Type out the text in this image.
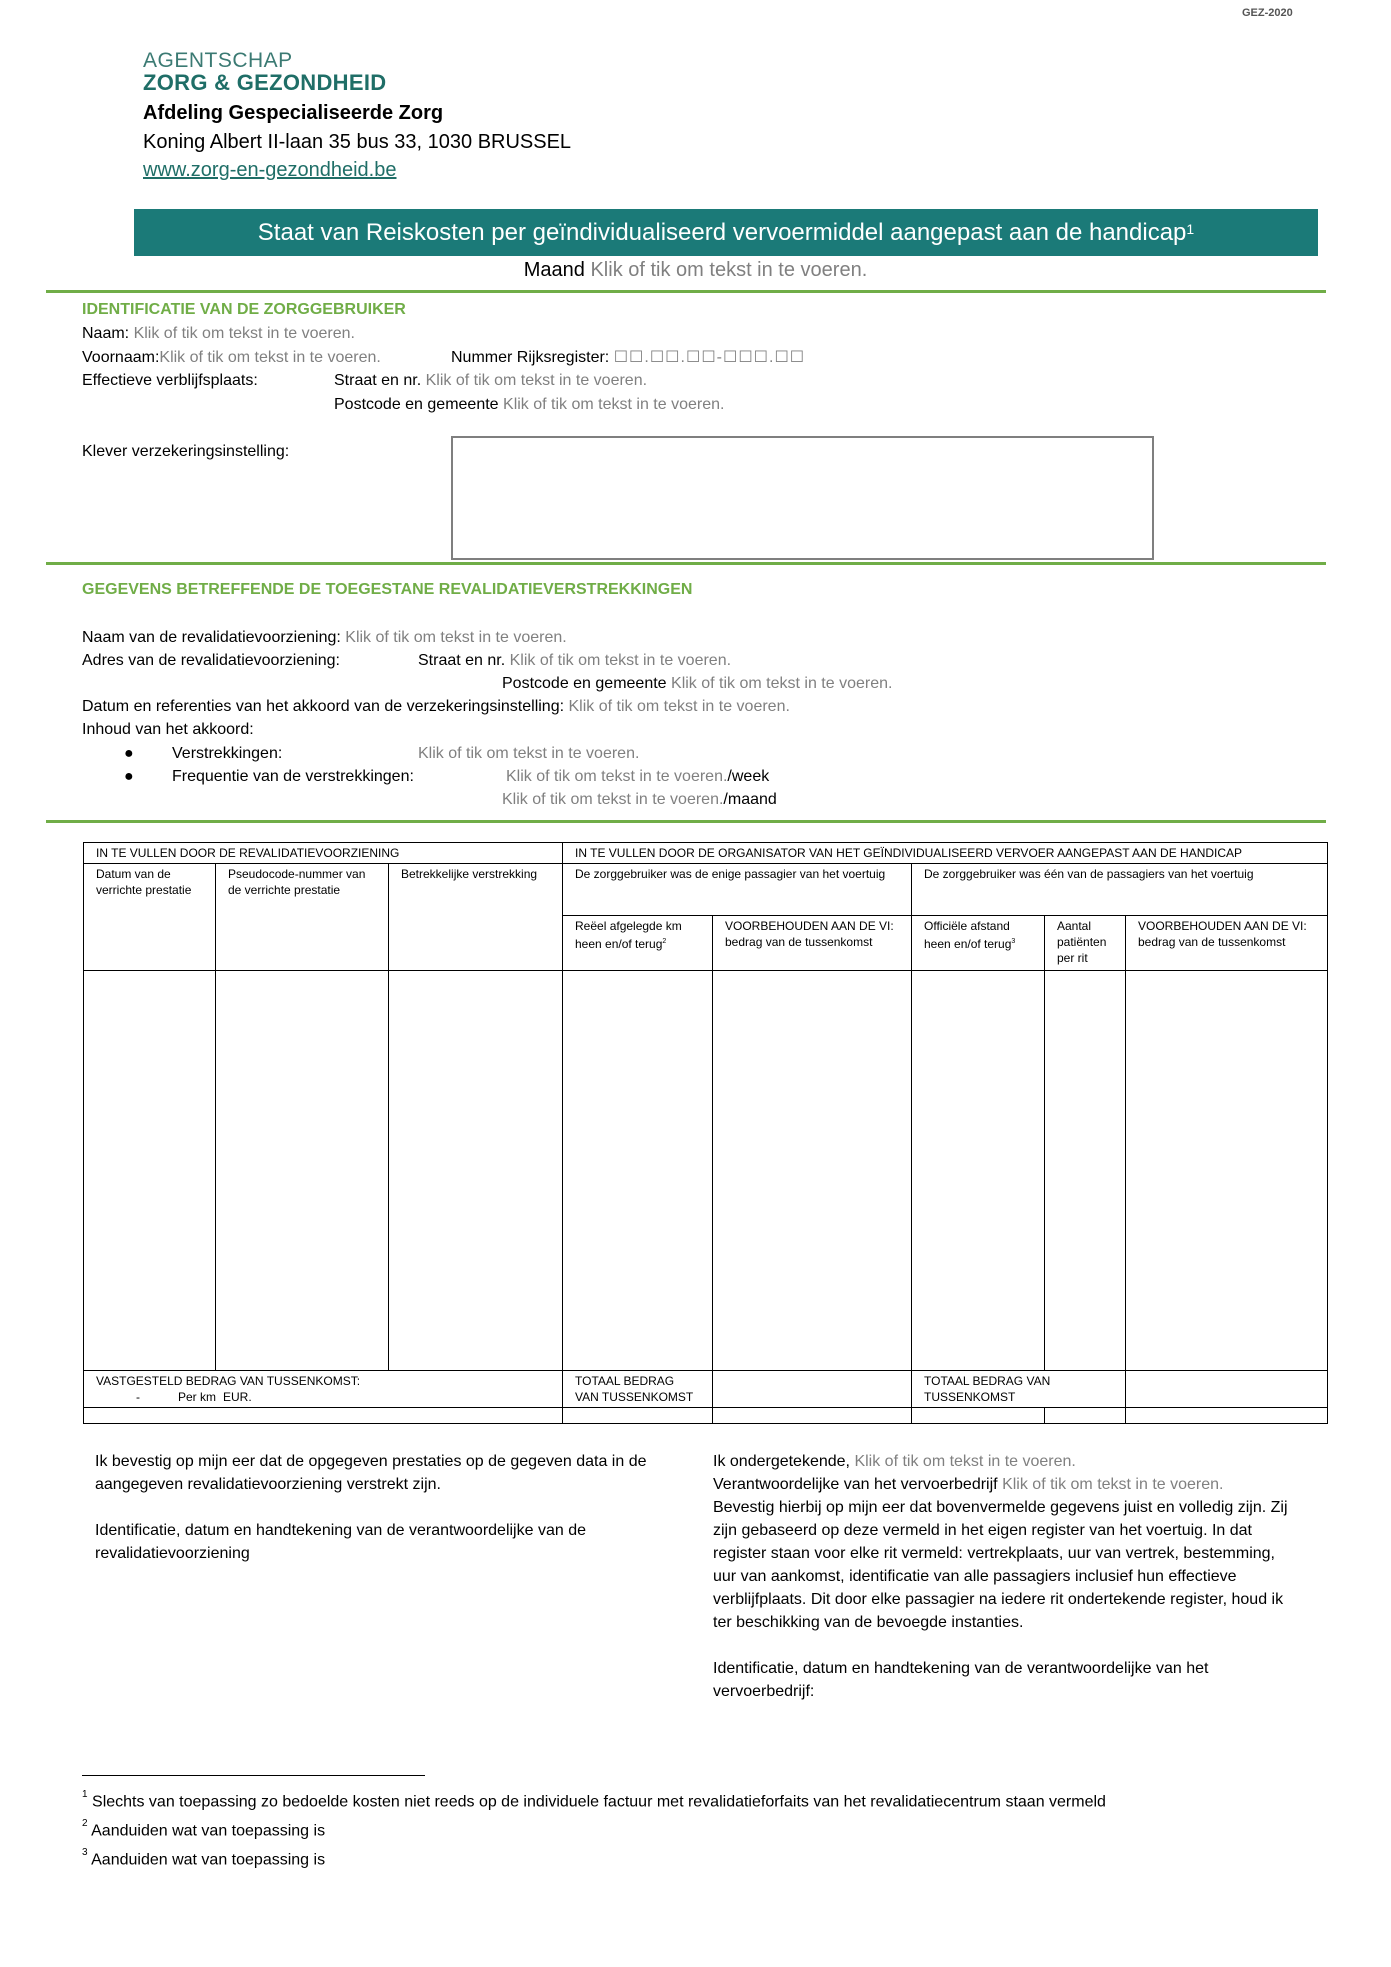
GEZ-2020
AGENTSCHAP
ZORG & GEZONDHEID
Afdeling Gespecialiseerde Zorg
Koning Albert II-laan 35 bus 33, 1030 BRUSSEL
www.zorg-en-gezondheid.be
Staat van Reiskosten per geïndividualiseerd vervoermiddel aangepast aan de handicap$^1$
Maand Klik of tik om tekst in te voeren.
IDENTIFICATIE VAN DE ZORGGEBRUIKER
Naam: Klik of tik om tekst in te voeren.
Voornaam:Klik of tik om tekst in te voeren.	Nummer Rijksregister: ☐☐.☐☐.☐☐-☐☐☐.☐☐
Effectieve verblijfsplaats:	Straat en nr. Klik of tik om tekst in te voeren.
Postcode en gemeente Klik of tik om tekst in te voeren.
Klever verzekeringsinstelling:
GEGEVENS BETREFFENDE DE TOEGESTANE REVALIDATIEVERSTREKKINGEN
Naam van de revalidatievoorziening: Klik of tik om tekst in te voeren.
Adres van de revalidatievoorziening:	Straat en nr. Klik of tik om tekst in te voeren.
Postcode en gemeente Klik of tik om tekst in te voeren.
Datum en referenties van het akkoord van de verzekeringsinstelling: Klik of tik om tekst in te voeren.
Inhoud van het akkoord:
● Verstrekkingen:	Klik of tik om tekst in te voeren.
● Frequentie van de verstrekkingen:	Klik of tik om tekst in te voeren./week
Klik of tik om tekst in te voeren./maand
IN TE VULLEN DOOR DE REVALIDATIEVOORZIENING			IN TE VULLEN DOOR DE ORGANISATOR VAN HET GEÏNDIVIDUALISEERD VERVOER AANGEPAST AAN DE HANDICAP				
Datum van de verrichte prestatie	Pseudocode-nummer van de verrichte prestatie	Betrekkelijke verstrekking	De zorggebruiker was de enige passagier van het voertuig		De zorggebruiker was één van de passagiers van het voertuig		
			Reëel afgelegde km heen en/of terug$^2$	VOORBEHOUDEN AAN DE VI: bedrag van de tussenkomst	Officiële afstand heen en/of terug$^3$	Aantal patiënten per rit	VOORBEHOUDEN AAN DE VI: bedrag van de tussenkomst

VASTGESTELD BEDRAG VAN TUSSENKOMST:
- Per km EUR.			TOTAAL BEDRAG VAN TUSSENKOMST		TOTAAL BEDRAG VAN TUSSENKOMST		

Ik bevestig op mijn eer dat de opgegeven prestaties op de gegeven data in de aangegeven revalidatievoorziening verstrekt zijn.

Identificatie, datum en handtekening van de verantwoordelijke van de revalidatievoorziening

Ik ondergetekende, Klik of tik om tekst in te voeren.
Verantwoordelijke van het vervoerbedrijf Klik of tik om tekst in te voeren.

Bevestig hierbij op mijn eer dat bovenvermelde gegevens juist en volledig zijn. Zij zijn gebaseerd op deze vermeld in het eigen register van het voertuig. In dat register staan voor elke rit vermeld: vertrekplaats, uur van vertrek, bestemming, uur van aankomst, identificatie van alle passagiers inclusief hun effectieve verblijfplaats. Dit door elke passagier na iedere rit ondertekende register, houd ik ter beschikking van de bevoegde instanties.

Identificatie, datum en handtekening van de verantwoordelijke van het vervoerbedrijf:

$^1$ Slechts van toepassing zo bedoelde kosten niet reeds op de individuele factuur met revalidatieforfaits van het revalidatiecentrum staan vermeld
$^2$ Aanduiden wat van toepassing is
$^3$ Aanduiden wat van toepassing is
